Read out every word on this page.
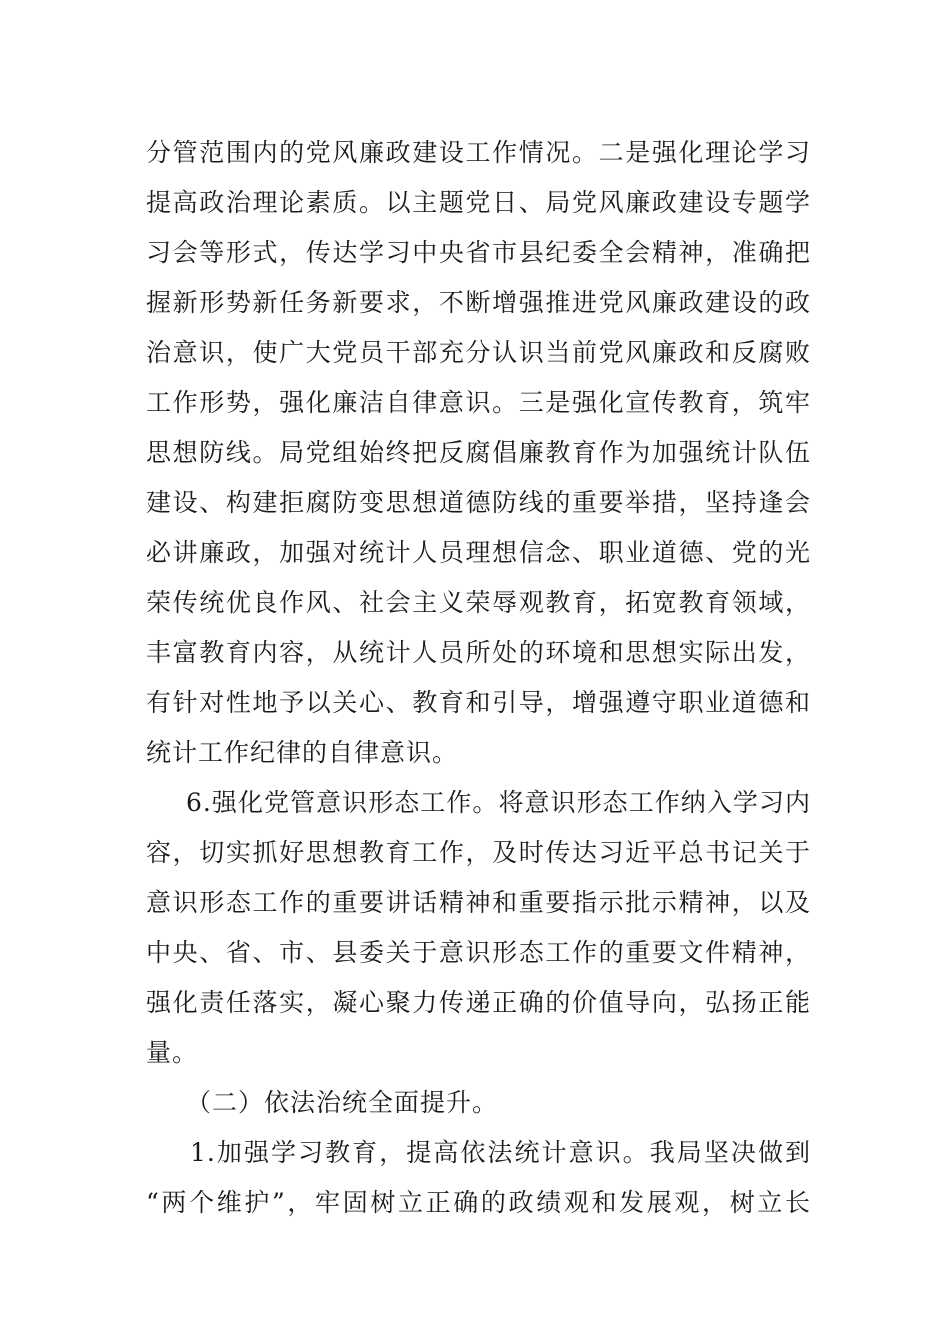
分管范围内的党风廉政建设工作情况。二是强化理论学习
提高政治理论素质。以主题党日、局党风廉政建设专题学
习会等形式，传达学习中央省市县纪委全会精神，准确把
握新形势新任务新要求，不断增强推进党风廉政建设的政
治意识，使广大党员干部充分认识当前党风廉政和反腐败
工作形势，强化廉洁自律意识。三是强化宣传教育，筑牢
思想防线。局党组始终把反腐倡廉教育作为加强统计队伍
建设、构建拒腐防变思想道德防线的重要举措，坚持逢会
必讲廉政，加强对统计人员理想信念、职业道德、党的光
荣传统优良作风、社会主义荣辱观教育，拓宽教育领域，
丰富教育内容，从统计人员所处的环境和思想实际出发，
有针对性地予以关心、教育和引导，增强遵守职业道德和
统计工作纪律的自律意识。
6.强化党管意识形态工作。将意识形态工作纳入学习内
容，切实抓好思想教育工作，及时传达习近平总书记关于
意识形态工作的重要讲话精神和重要指示批示精神，以及
中央、省、市、县委关于意识形态工作的重要文件精神，
强化责任落实，凝心聚力传递正确的价值导向，弘扬正能
量。
（二）依法治统全面提升。
1.加强学习教育，提高依法统计意识。我局坚决做到
“两个维护”，牢固树立正确的政绩观和发展观，树立长
